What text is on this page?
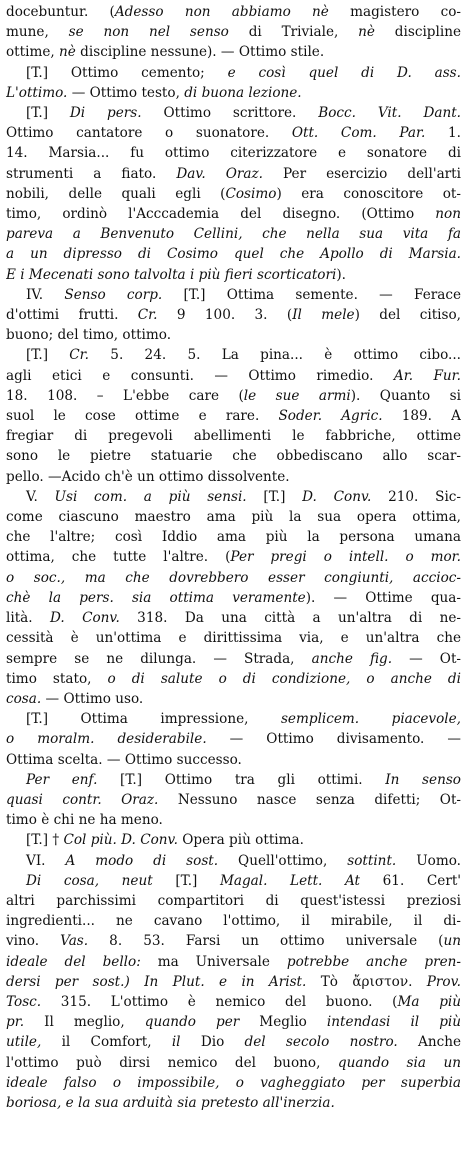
docebuntur. (Adesso non abbiamo nè magistero co-
mune, se non nel senso di Triviale, nè discipline
ottime, nè discipline nessune). — Ottimo stile.
[T.] Ottimo cemento; e così quel di D. ass.
L'ottimo. — Ottimo testo, di buona lezione.
[T.] Di pers. Ottimo scrittore. Bocc. Vit. Dant.
Ottimo cantatore o suonatore. Ott. Com. Par. 1.
14. Marsia... fu ottimo citerizzatore e sonatore di
strumenti a fiato. Dav. Oraz. Per esercizio dell'arti
nobili, delle quali egli (Cosimo) era conoscitore ot-
timo, ordinò l'Acccademia del disegno. (Ottimo non
parevа a Benvenuto Cellini, che nella sua vita fa
a un dipresso di Cosimo quel che Apollo di Marsia.
E i Mecenati sono talvolta i più fieri scorticatori).
IV. Senso corp. [T.] Ottima semente. — Ferace
d'ottimi frutti. Cr. 9 100. 3. (Il mele) del citiso,
buono; del timo, ottimo.
[T.] Cr. 5. 24. 5. La pina... è ottimo cibo...
agli etici e consunti. — Ottimo rimedio. Ar. Fur.
18. 108. – L'ebbe care (le sue armi). Quanto si
suol le cose ottime e rare. Soder. Agric. 189. A
fregiar di pregevoli abellimenti le fabbriche, ottime
sono le pietre statuarie che obbediscano allo scar-
pello. —Acido ch'è un ottimo dissolvente.
V. Usi com. a più sensi. [T.] D. Conv. 210. Sic-
come ciascuno maestro ama più la sua opera ottima,
che l'altre; così Iddio ama più la persona umana
ottima, che tutte l'altre. (Per pregi o intell. o mor.
o soc., ma che dovrebbero esser congiunti, accioc-
chè la pers. sia ottima veramente). — Ottime qua-
lità. D. Conv. 318. Da una città a un'altra di ne-
cessità è un'ottima e dirittissima via, e un'altra che
sempre se ne dilunga. — Strada, anche fig. — Ot-
timo stato, o di salute o di condizione, o anche di
cosa. — Ottimo uso.
[T.] Ottima impressione, semplicem. piacevole,
o moralm. desiderabile. — Ottimo divisamento. —
Ottima scelta. — Ottimo successo.
Per enf. [T.] Ottimo tra gli ottimi. In senso
quasi contr. Oraz. Nessuno nasce senza difetti; Ot-
timo è chi ne ha meno.
[T.] † Col più. D. Conv. Opera più ottima.
VI. A modo di sost. Quell'ottimo, sottint. Uomo.
Di cosa, neut [T.] Magal. Lett. At 61. Cert'
altri parchissimi compartitori di quest'istessi preziosi
ingredienti... ne cavano l'ottimo, il mirabile, il di-
vino. Vas. 8. 53. Farsi un ottimo universale (un
ideale del bello: ma Universale potrebbe anche pren-
dersi per sost.) In Plut. e in Arist. Τὸ ἄριστον. Prov.
Tosc. 315. L'ottimo è nemico del buono. (Ma più
pr. Il meglio, quando per Meglio intendasi il più
utile, il Comfort, il Dio del secolo nostro. Anche
l'ottimo può dirsi nemico del buono, quando sia un
ideale falso o impossibile, o vagheggiato per superbia
boriosa, e la sua arduità sia pretesto all'inerzia.
